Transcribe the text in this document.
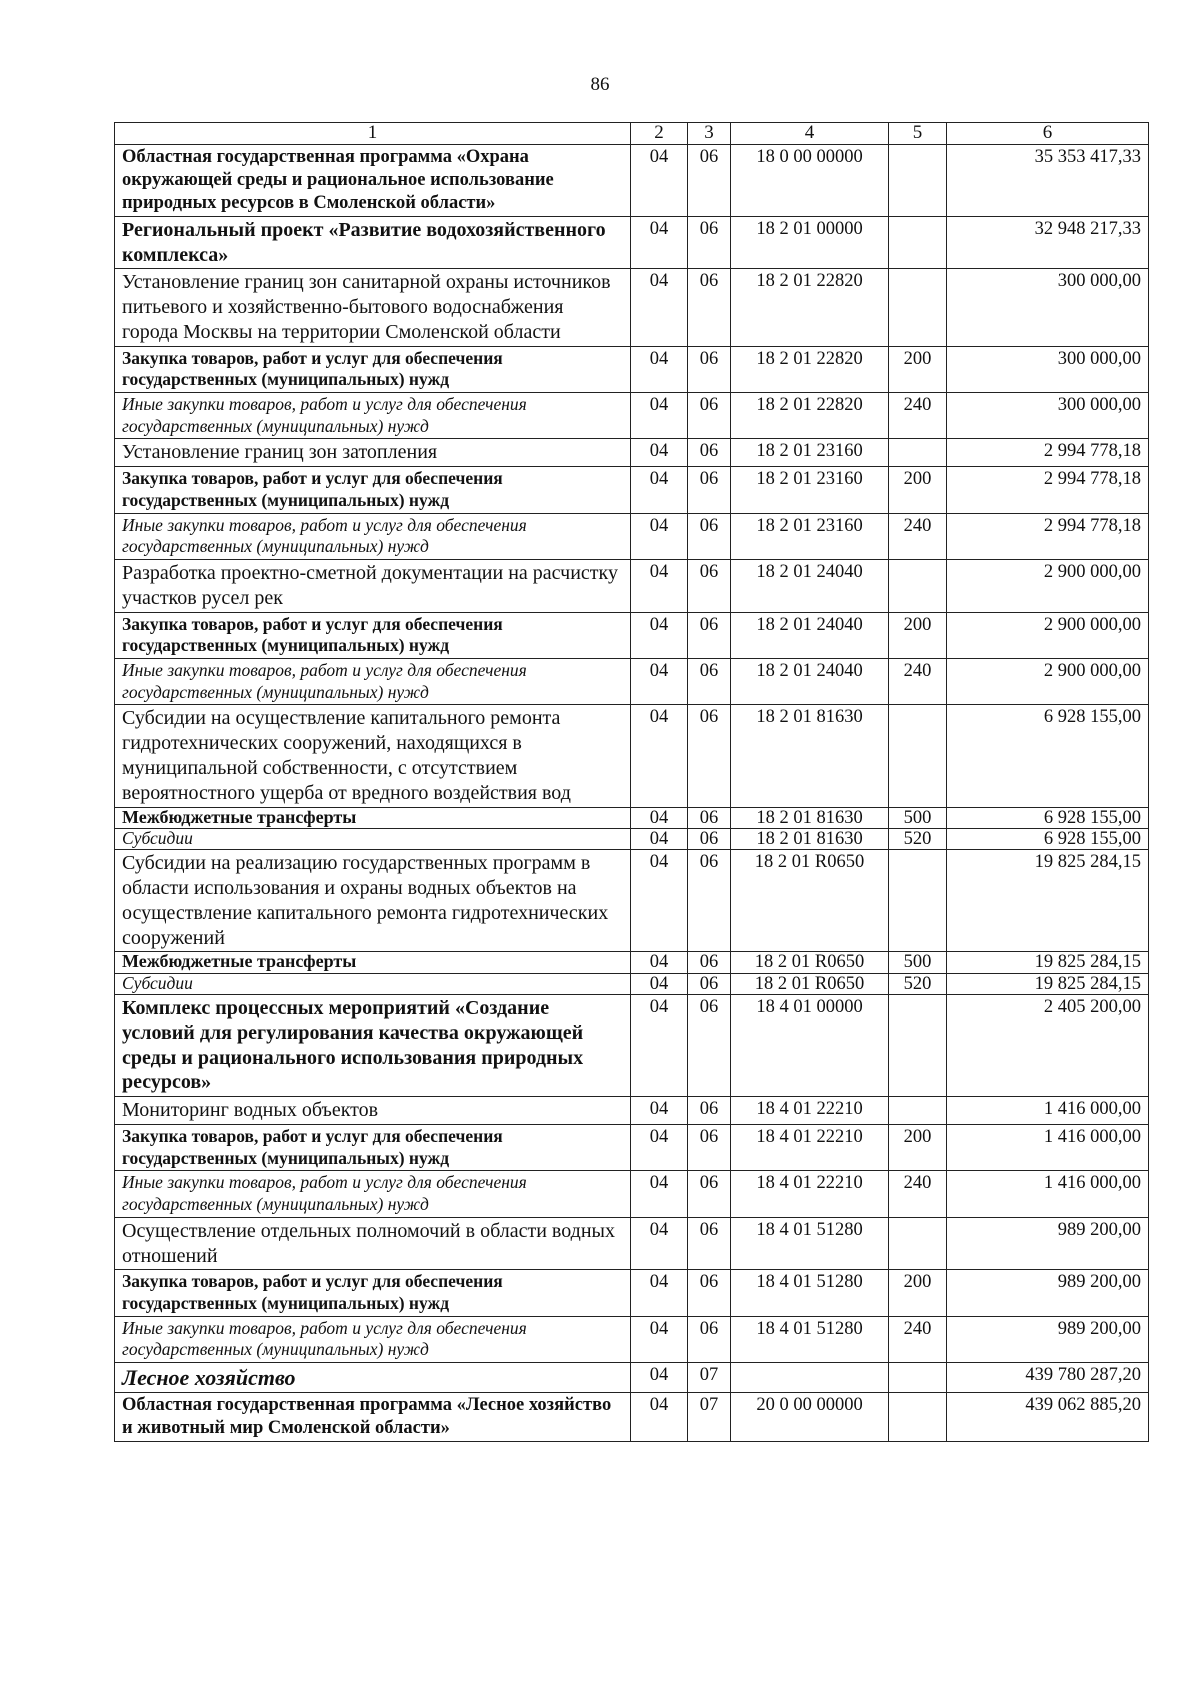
86
1	2	3	4	5	6
Областная государственная программа «Охрана окружающей среды и рациональное использование природных ресурсов в Смоленской области»	04	06	18 0 00 00000		35 353 417,33
Региональный проект «Развитие водохозяйственного комплекса»	04	06	18 2 01 00000		32 948 217,33
Установление границ зон санитарной охраны источников питьевого и хозяйственно-бытового водоснабжения города Москвы на территории Смоленской области	04	06	18 2 01 22820		300 000,00
Закупка товаров, работ и услуг для обеспечения государственных (муниципальных) нужд	04	06	18 2 01 22820	200	300 000,00
Иные закупки товаров, работ и услуг для обеспечения государственных (муниципальных) нужд	04	06	18 2 01 22820	240	300 000,00
Установление границ зон затопления	04	06	18 2 01 23160		2 994 778,18
Закупка товаров, работ и услуг для обеспечения государственных (муниципальных) нужд	04	06	18 2 01 23160	200	2 994 778,18
Иные закупки товаров, работ и услуг для обеспечения государственных (муниципальных) нужд	04	06	18 2 01 23160	240	2 994 778,18
Разработка проектно-сметной документации на расчистку участков русел рек	04	06	18 2 01 24040		2 900 000,00
Закупка товаров, работ и услуг для обеспечения государственных (муниципальных) нужд	04	06	18 2 01 24040	200	2 900 000,00
Иные закупки товаров, работ и услуг для обеспечения государственных (муниципальных) нужд	04	06	18 2 01 24040	240	2 900 000,00
Субсидии на осуществление капитального ремонта гидротехнических сооружений, находящихся в муниципальной собственности, с отсутствием вероятностного ущерба от вредного воздействия вод	04	06	18 2 01 81630		6 928 155,00
Межбюджетные трансферты	04	06	18 2 01 81630	500	6 928 155,00
Субсидии	04	06	18 2 01 81630	520	6 928 155,00
Субсидии на реализацию государственных программ в области использования и охраны водных объектов на осуществление капитального ремонта гидротехнических сооружений	04	06	18 2 01 R0650		19 825 284,15
Межбюджетные трансферты	04	06	18 2 01 R0650	500	19 825 284,15
Субсидии	04	06	18 2 01 R0650	520	19 825 284,15
Комплекс процессных мероприятий «Создание условий для регулирования качества окружающей среды и рационального использования природных ресурсов»	04	06	18 4 01 00000		2 405 200,00
Мониторинг водных объектов	04	06	18 4 01 22210		1 416 000,00
Закупка товаров, работ и услуг для обеспечения государственных (муниципальных) нужд	04	06	18 4 01 22210	200	1 416 000,00
Иные закупки товаров, работ и услуг для обеспечения государственных (муниципальных) нужд	04	06	18 4 01 22210	240	1 416 000,00
Осуществление отдельных полномочий в области водных отношений	04	06	18 4 01 51280		989 200,00
Закупка товаров, работ и услуг для обеспечения государственных (муниципальных) нужд	04	06	18 4 01 51280	200	989 200,00
Иные закупки товаров, работ и услуг для обеспечения государственных (муниципальных) нужд	04	06	18 4 01 51280	240	989 200,00
Лесное хозяйство	04	07			439 780 287,20
Областная государственная программа «Лесное хозяйство и животный мир Смоленской области»	04	07	20 0 00 00000		439 062 885,20
